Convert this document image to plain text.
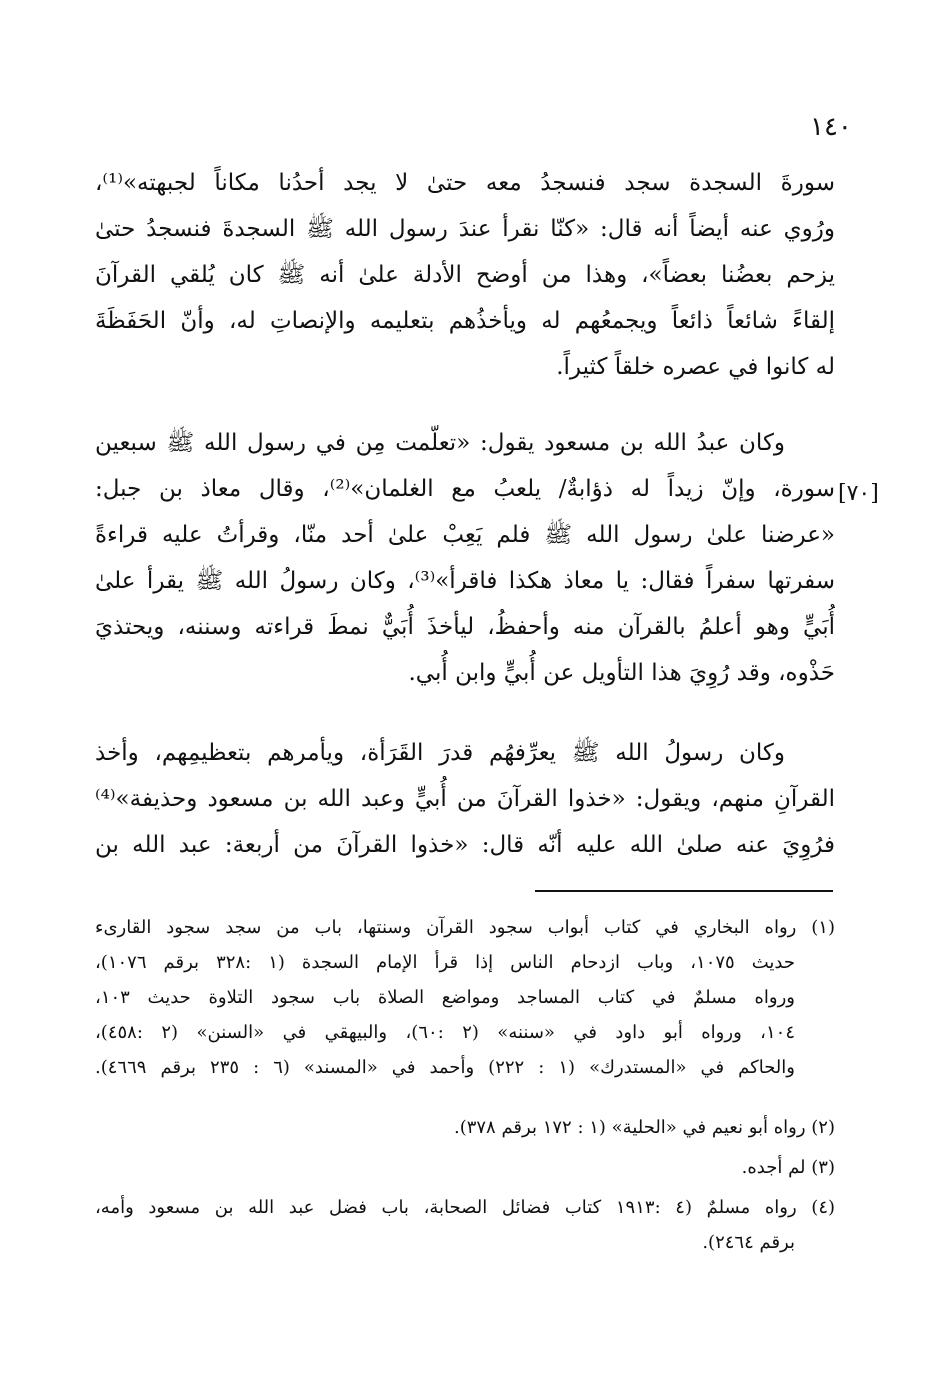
١٤٠
سورةَ السجدة سجد فنسجدُ معه حتىٰ لا يجد أحدُنا مكاناً لجبهته»⁽¹⁾،
ورُوي عنه أيضاً أنه قال: «كنّا نقرأ عندَ رسول الله ﷺ السجدةَ فنسجدُ حتىٰ
يزحم بعضُنا بعضاً»، وهذا من أوضح الأدلة علىٰ أنه ﷺ كان يُلقي القرآنَ
إلقاءً شائعاً ذائعاً ويجمعُهم له ويأخذُهم بتعليمه والإنصاتِ له، وأنّ الحَفَظَةَ
له كانوا في عصره خلقاً كثيراً.
وكان عبدُ الله بن مسعود يقول: «تعلّمت مِن في رسول الله ﷺ سبعين
سورة، وإنّ زيداً له ذؤابةٌ/ يلعبُ مع الغلمان»⁽²⁾، وقال معاذ بن جبل:
«عرضنا علىٰ رسول الله ﷺ فلم يَعِبْ علىٰ أحد منّا، وقرأتُ عليه قراءةً
سفرتها سفراً فقال: يا معاذ هكذا فاقرأ»⁽³⁾، وكان رسولُ الله ﷺ يقرأ علىٰ
أُبَيٍّ وهو أعلمُ بالقرآن منه وأحفظُ، ليأخذَ أُبَيٌّ نمطَ قراءته وسننه، ويحتذيَ
حَذْوه، وقد رُوِيَ هذا التأويل عن أُبيٍّ وابن أُبي.
[٧٠]
وكان رسولُ الله ﷺ يعرِّفهُم قدرَ القَرَأة، ويأمرهم بتعظيمِهم، وأخذ
القرآنِ منهم، ويقول: «خذوا القرآنَ من أُبيٍّ وعبد الله بن مسعود وحذيفة»⁽⁴⁾
فرُوِيَ عنه صلىٰ الله عليه أنّه قال: «خذوا القرآنَ من أربعة: عبد الله بن
(١) رواه البخاري في كتاب أبواب سجود القرآن وسنتها، باب من سجد سجود القارىء
حديث ١٠٧٥، وباب ازدحام الناس إذا قرأ الإمام السجدة (١ :٣٢٨ برقم ١٠٧٦)،
ورواه مسلمٌ في كتاب المساجد ومواضع الصلاة باب سجود التلاوة حديث ١٠٣،
١٠٤، ورواه أبو داود في «سننه» (٢ :٦٠)، والبيهقي في «السنن» (٢ :٤٥٨)،
والحاكم في «المستدرك» (١ : ٢٢٢) وأحمد في «المسند» (٦ : ٢٣٥ برقم ٤٦٦٩).
(٢) رواه أبو نعيم في «الحلية» (١ : ١٧٢ برقم ٣٧٨).
(٣) لم أجده.
(٤) رواه مسلمٌ (٤ :١٩١٣ كتاب فضائل الصحابة، باب فضل عبد الله بن مسعود وأمه،
برقم ٢٤٦٤).
